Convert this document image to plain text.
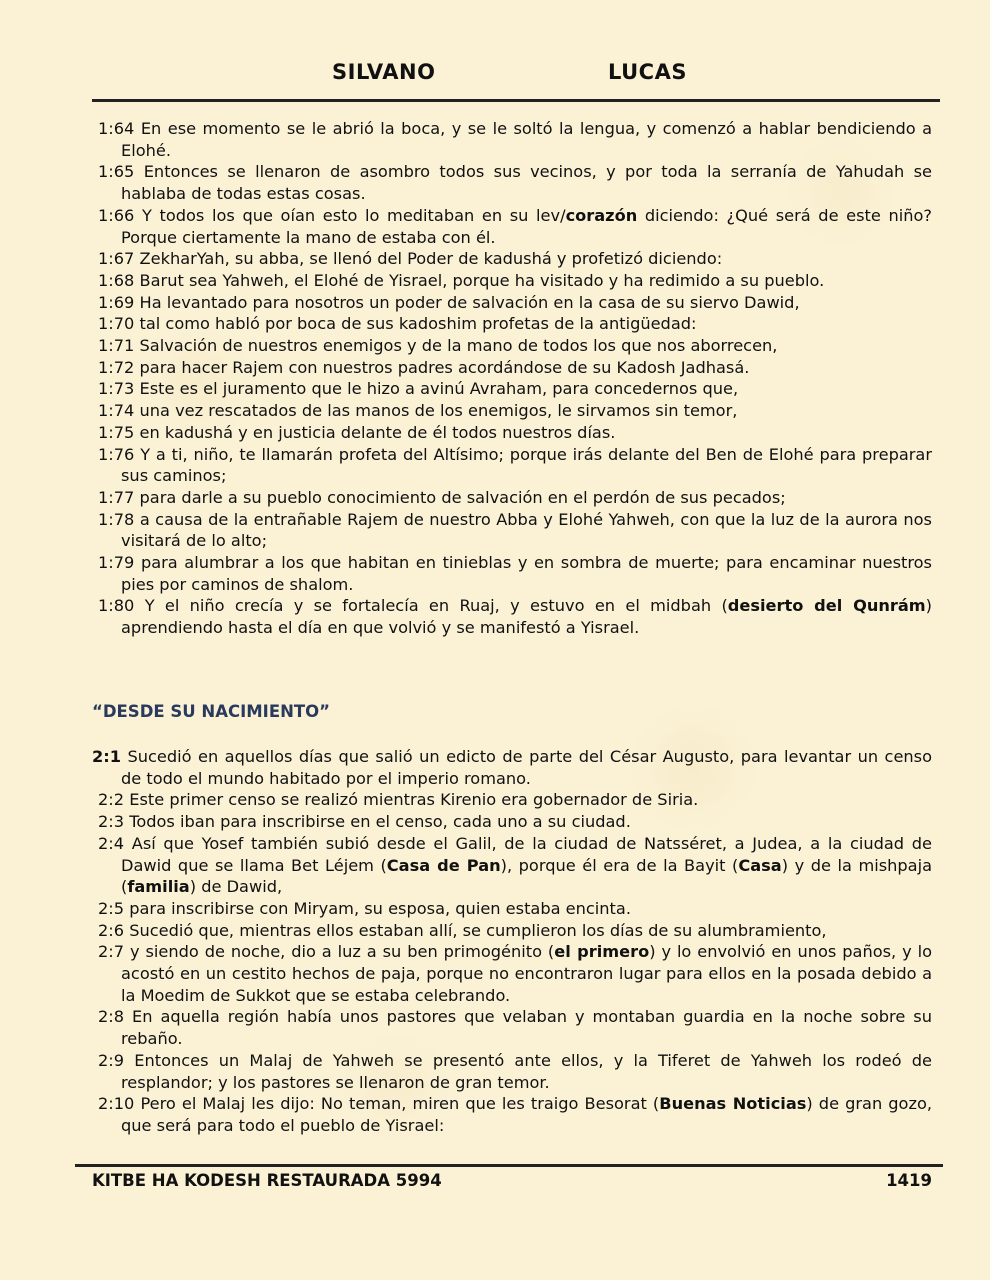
SILVANO	LUCAS

1:64 En ese momento se le abrió la boca, y se le soltó la lengua, y comenzó a hablar bendiciendo a Elohé.

1:65 Entonces se llenaron de asombro todos sus vecinos, y por toda la serranía de Yahudah se hablaba de todas estas cosas.

1:66 Y todos los que oían esto lo meditaban en su lev/corazón diciendo: ¿Qué será de este niño? Porque ciertamente la mano de estaba con él.

1:67 ZekharYah, su abba, se llenó del Poder de kadushá y profetizó diciendo:

1:68 Barut sea Yahweh, el Elohé de Yisrael, porque ha visitado y ha redimido a su pueblo.

1:69 Ha levantado para nosotros un poder de salvación en la casa de su siervo Dawid,

1:70 tal como habló por boca de sus kadoshim profetas de la antigüedad:

1:71 Salvación de nuestros enemigos y de la mano de todos los que nos aborrecen,

1:72 para hacer Rajem con nuestros padres acordándose de su Kadosh Jadhasá.

1:73 Este es el juramento que le hizo a avinú Avraham, para concedernos que,

1:74 una vez rescatados de las manos de los enemigos, le sirvamos sin temor,

1:75 en kadushá y en justicia delante de él todos nuestros días.

1:76 Y a ti, niño, te llamarán profeta del Altísimo; porque irás delante del Ben de Elohé para preparar sus caminos;

1:77 para darle a su pueblo conocimiento de salvación en el perdón de sus pecados;

1:78 a causa de la entrañable Rajem de nuestro Abba y Elohé Yahweh, con que la luz de la aurora nos visitará de lo alto;

1:79 para alumbrar a los que habitan en tinieblas y en sombra de muerte; para encaminar nuestros pies por caminos de shalom.

1:80 Y el niño crecía y se fortalecía en Ruaj, y estuvo en el midbah (desierto del Qunrám) aprendiendo hasta el día en que volvió y se manifestó a Yisrael.

“DESDE SU NACIMIENTO”

2:1 Sucedió en aquellos días que salió un edicto de parte del César Augusto, para levantar un censo de todo el mundo habitado por el imperio romano.

2:2 Este primer censo se realizó mientras Kirenio era gobernador de Siria.

2:3 Todos iban para inscribirse en el censo, cada uno a su ciudad.

2:4 Así que Yosef también subió desde el Galil, de la ciudad de Natsséret, a Judea, a la ciudad de Dawid que se llama Bet Léjem (Casa de Pan), porque él era de la Bayit (Casa) y de la mishpaja (familia) de Dawid,

2:5 para inscribirse con Miryam, su esposa, quien estaba encinta.

2:6 Sucedió que, mientras ellos estaban allí, se cumplieron los días de su alumbramiento,

2:7 y siendo de noche, dio a luz a su ben primogénito (el primero) y lo envolvió en unos paños, y lo acostó en un cestito hechos de paja, porque no encontraron lugar para ellos en la posada debido a la Moedim de Sukkot que se estaba celebrando.

2:8 En aquella región había unos pastores que velaban y montaban guardia en la noche sobre su rebaño.

2:9 Entonces un Malaj de Yahweh se presentó ante ellos, y la Tiferet de Yahweh los rodeó de resplandor; y los pastores se llenaron de gran temor.

2:10 Pero el Malaj les dijo: No teman, miren que les traigo Besorat (Buenas Noticias) de gran gozo, que será para todo el pueblo de Yisrael:

KITBE HA KODESH RESTAURADA 5994	1419
